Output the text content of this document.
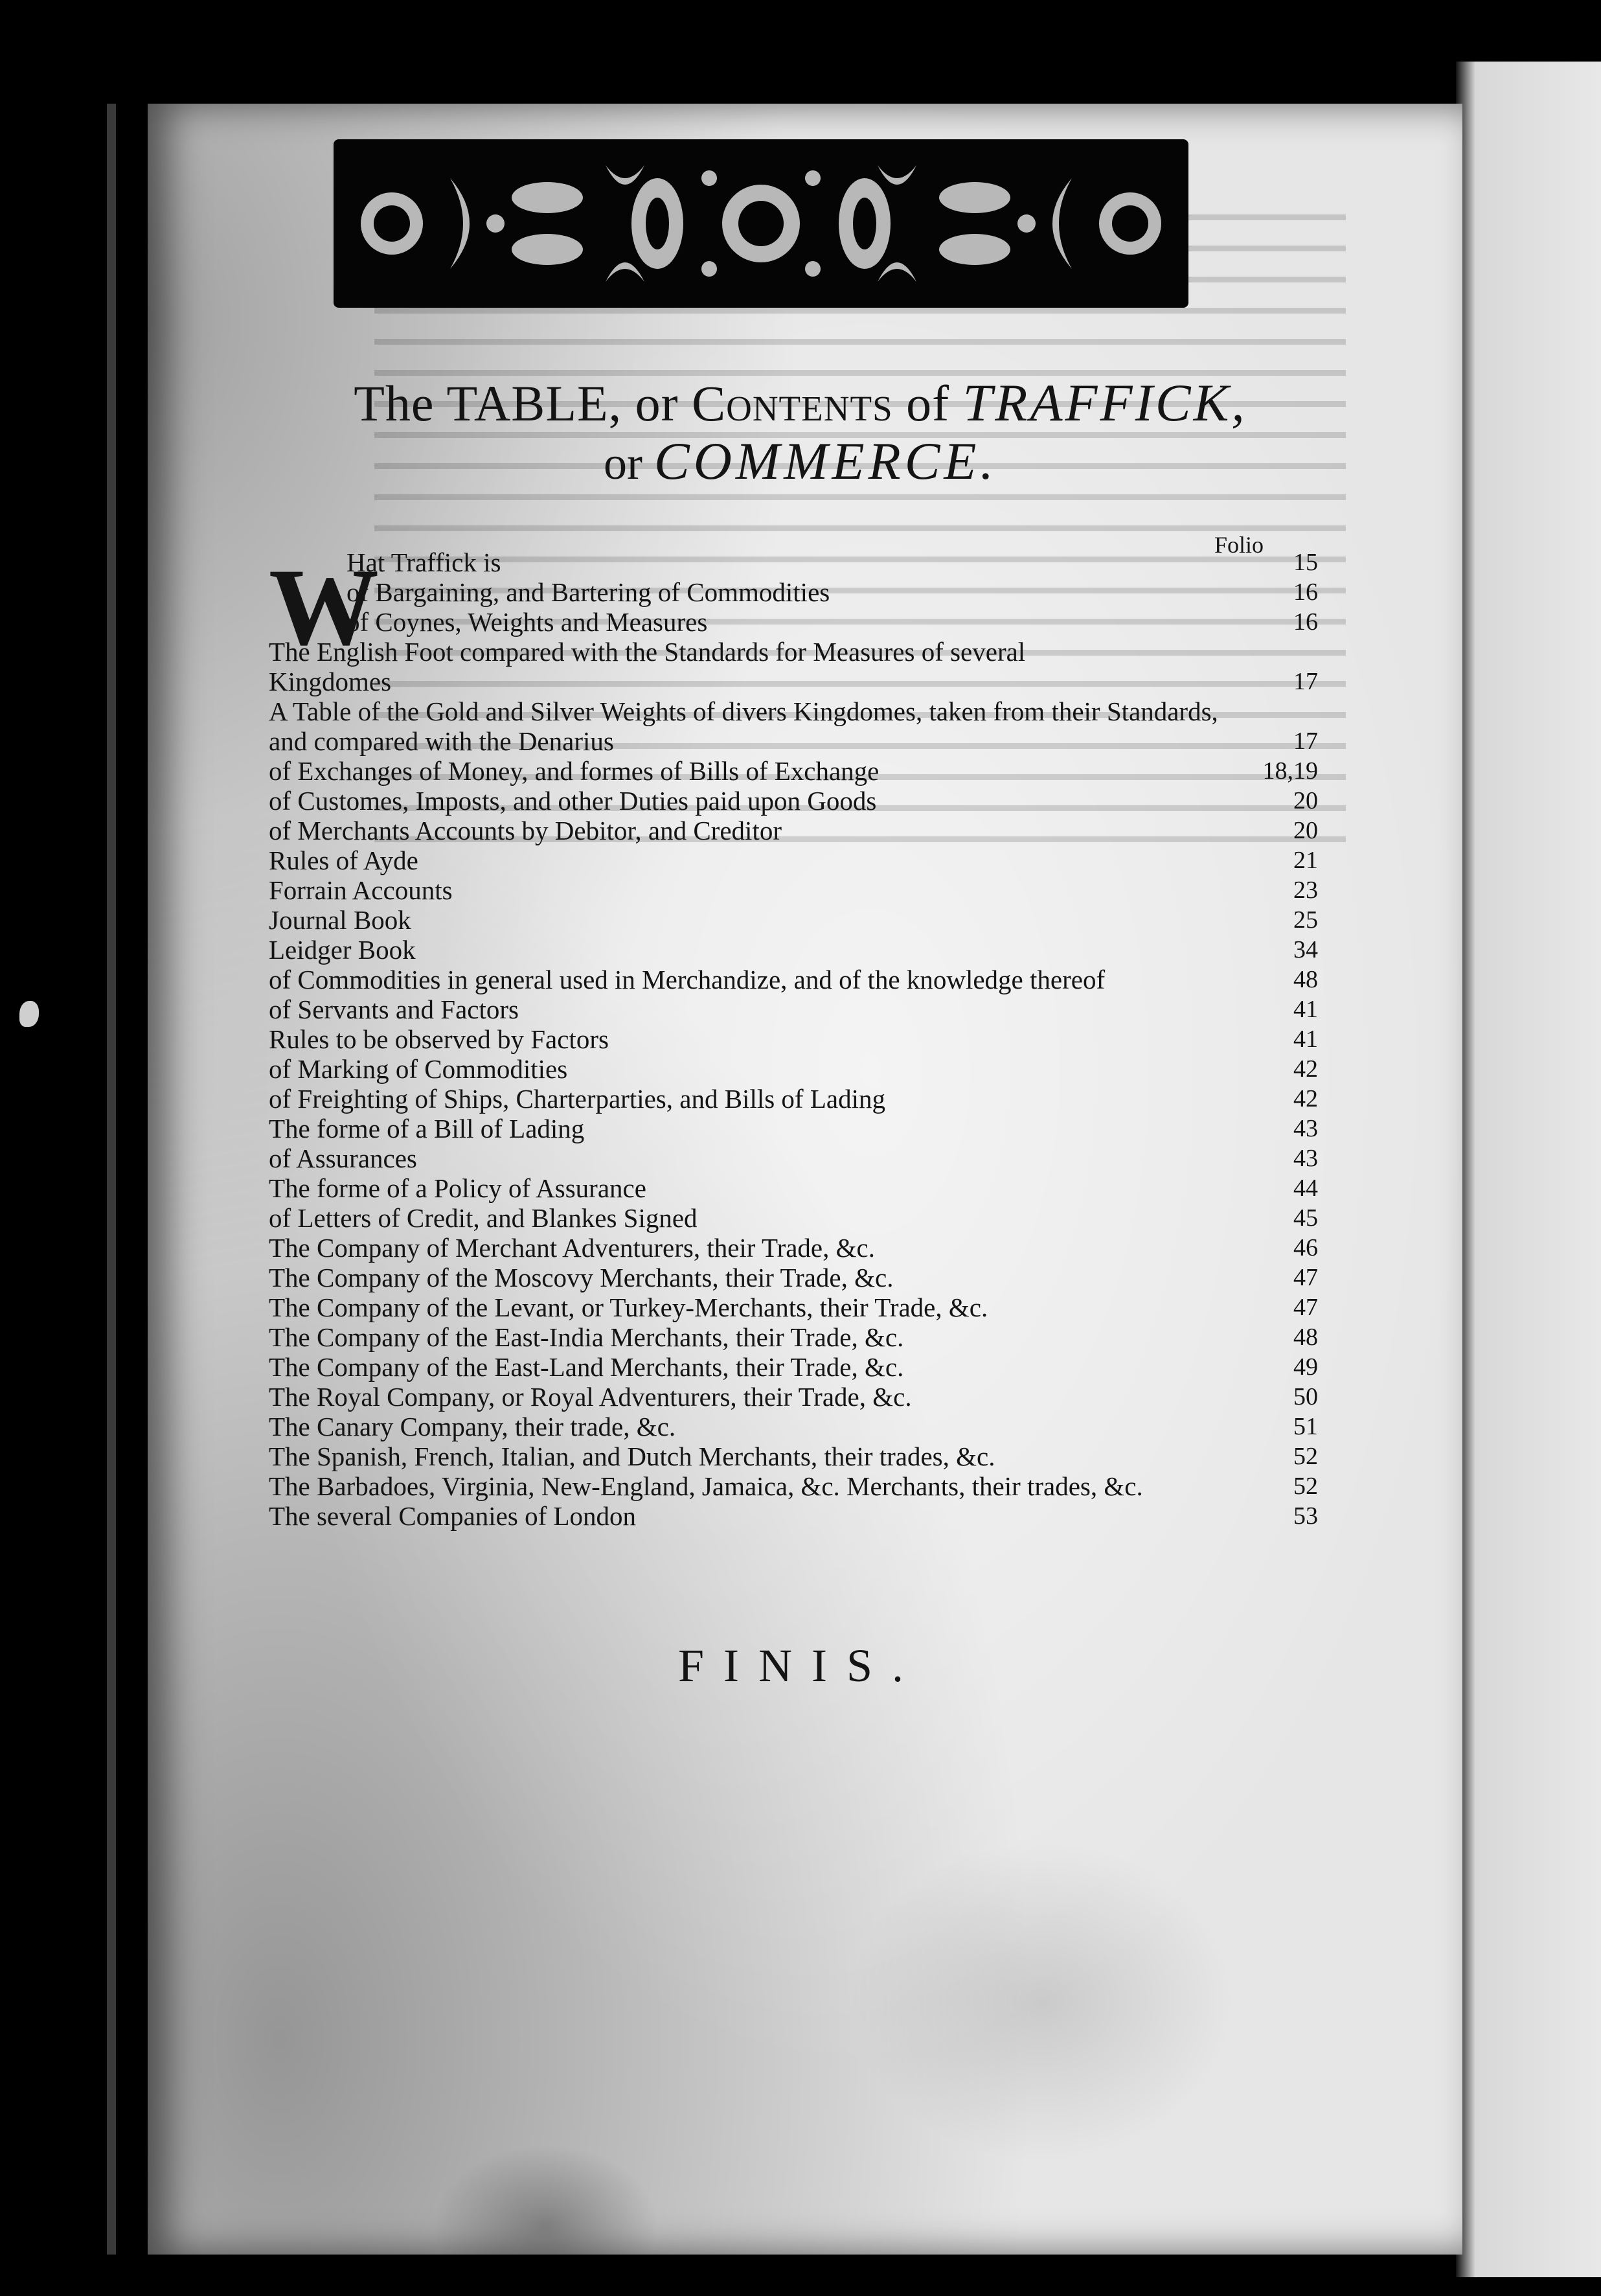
The TABLE, or Contents of TRAFFICK,
or COMMERCE.
Folio
W
Hat Traffick is	15
of Bargaining, and Bartering of Commodities	16
of Coynes, Weights and Measures	16
The English Foot compared with the Standards for Measures of several
Kingdomes	17
A Table of the Gold and Silver Weights of divers Kingdomes, taken from their Standards,
and compared with the Denarius	17
of Exchanges of Money, and formes of Bills of Exchange	18,19
of Customes, Imposts, and other Duties paid upon Goods	20
of Merchants Accounts by Debitor, and Creditor	20
Rules of Ayde	21
Forrain Accounts	23
Journal Book	25
Leidger Book	34
of Commodities in general used in Merchandize, and of the knowledge thereof	48
of Servants and Factors	41
Rules to be observed by Factors	41
of Marking of Commodities	42
of Freighting of Ships, Charterparties, and Bills of Lading	42
The forme of a Bill of Lading	43
of Assurances	43
The forme of a Policy of Assurance	44
of Letters of Credit, and Blankes Signed	45
The Company of Merchant Adventurers, their Trade, &c.	46
The Company of the Moscovy Merchants, their Trade, &c.	47
The Company of the Levant, or Turkey-Merchants, their Trade, &c.	47
The Company of the East-India Merchants, their Trade, &c.	48
The Company of the East-Land Merchants, their Trade, &c.	49
The Royal Company, or Royal Adventurers, their Trade, &c.	50
The Canary Company, their trade, &c.	51
The Spanish, French, Italian, and Dutch Merchants, their trades, &c.	52
The Barbadoes, Virginia, New-England, Jamaica, &c. Merchants, their trades, &c.	52
The several Companies of London	53
FINIS.
